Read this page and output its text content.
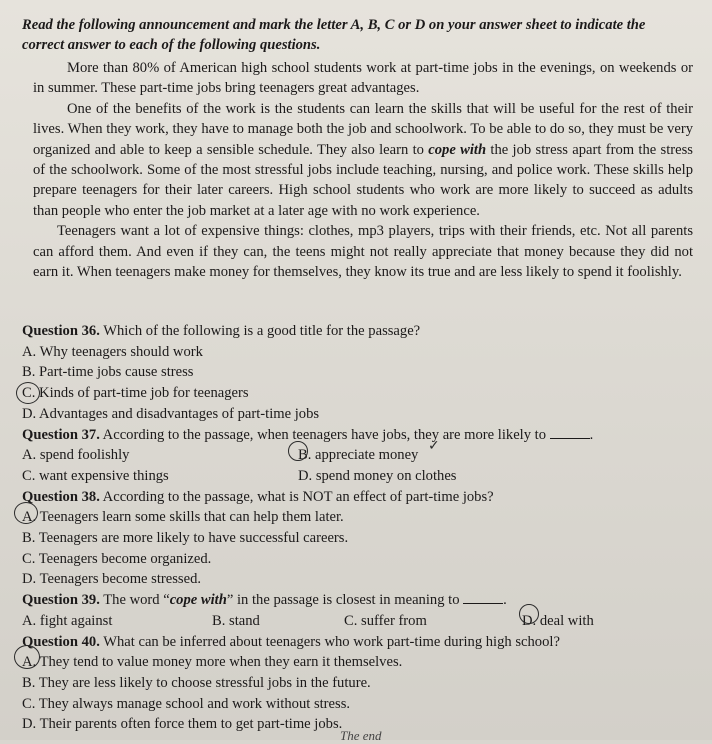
Read the following announcement and mark the letter A, B, C or D on your answer sheet to indicate the correct answer to each of the following questions.

More than 80% of American high school students work at part-time jobs in the evenings, on weekends or in summer. These part-time jobs bring teenagers great advantages.

One of the benefits of the work is the students can learn the skills that will be useful for the rest of their lives. When they work, they have to manage both the job and schoolwork. To be able to do so, they must be very organized and able to keep a sensible schedule. They also learn to cope with the job stress apart from the stress of the schoolwork. Some of the most stressful jobs include teaching, nursing, and police work. These skills help prepare teenagers for their later careers. High school students who work are more likely to succeed as adults than people who enter the job market at a later age with no work experience.

Teenagers want a lot of expensive things: clothes, mp3 players, trips with their friends, etc. Not all parents can afford them. And even if they can, the teens might not really appreciate that money because they did not earn it. When teenagers make money for themselves, they know its true and are less likely to spend it foolishly.

Question 36. Which of the following is a good title for the passage?
A. Why teenagers should work
B. Part-time jobs cause stress
C. Kinds of part-time job for teenagers
D. Advantages and disadvantages of part-time jobs
Question 37. According to the passage, when teenagers have jobs, they are more likely to	.
A. spend foolishly	B. appreciate money
C. want expensive things	D. spend money on clothes
Question 38. According to the passage, what is NOT an effect of part-time jobs?
A. Teenagers learn some skills that can help them later.
B. Teenagers are more likely to have successful careers.
C. Teenagers become organized.
D. Teenagers become stressed.
Question 39. The word “cope with” in the passage is closest in meaning to	.
A. fight against	B. stand	C. suffer from	D. deal with
Question 40. What can be inferred about teenagers who work part-time during high school?
A. They tend to value money more when they earn it themselves.
B. They are less likely to choose stressful jobs in the future.
C. They always manage school and work without stress.
D. Their parents often force them to get part-time jobs.
✓
The end
